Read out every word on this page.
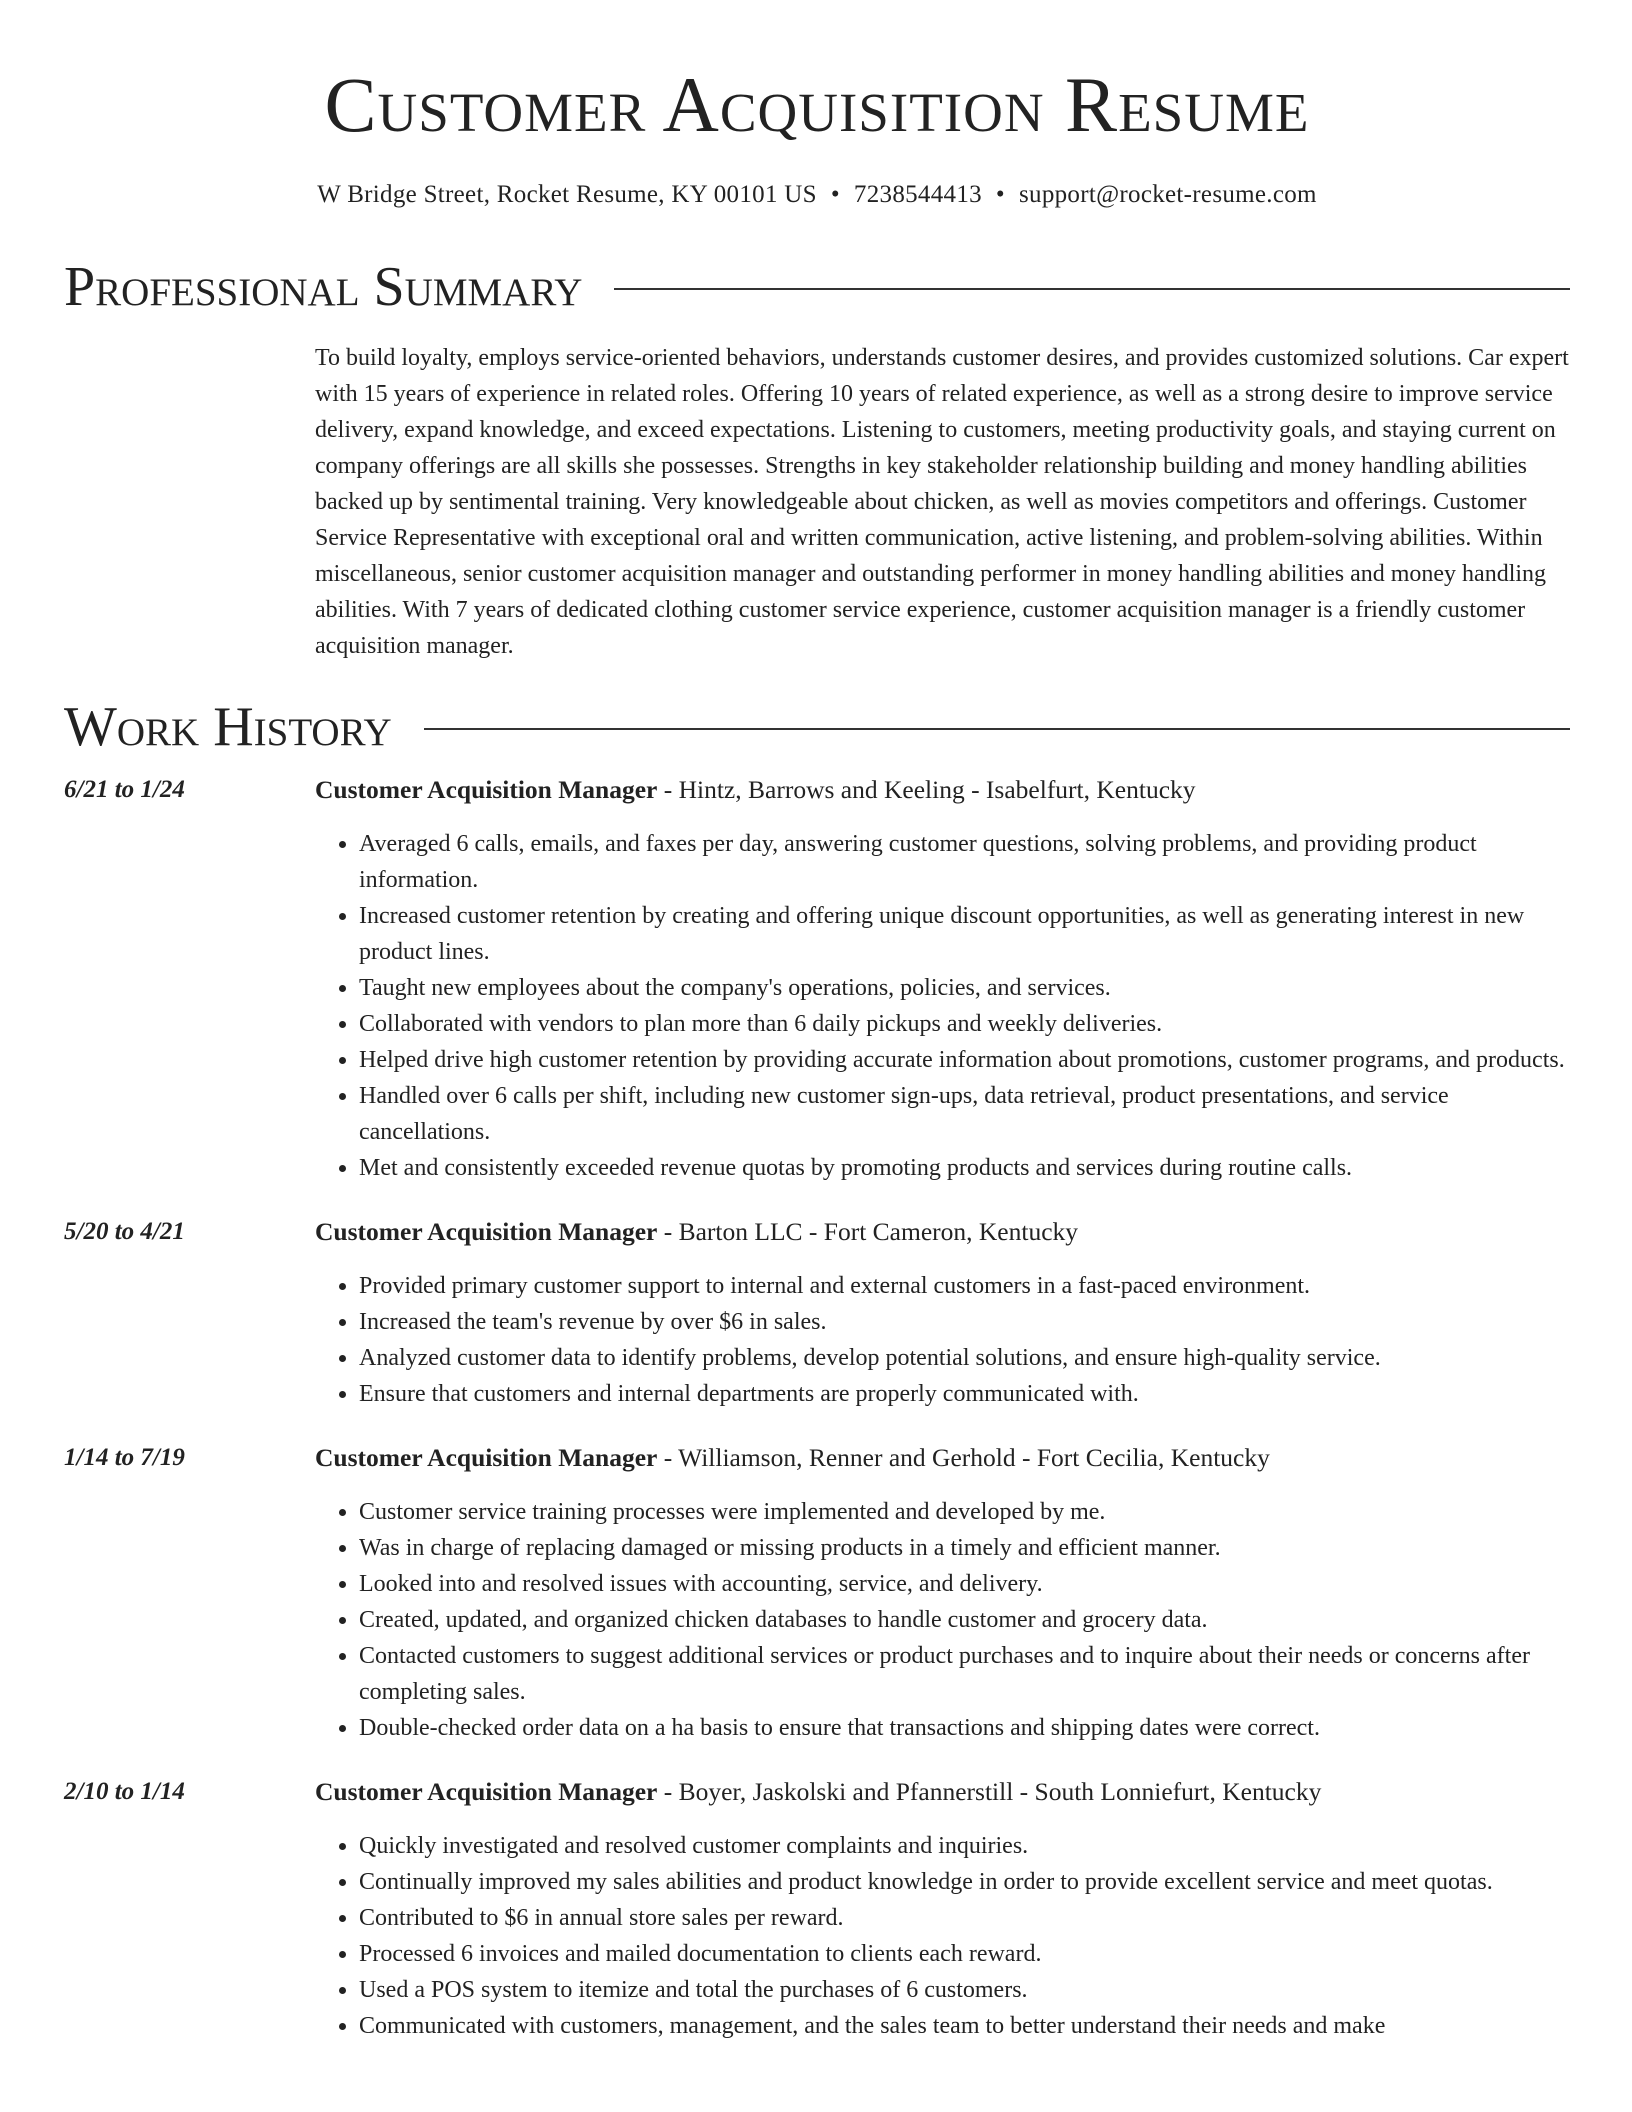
Customer Acquisition Resume
W Bridge Street, Rocket Resume, KY 00101 US • 7238544413 • support@rocket-resume.com
Professional Summary

To build loyalty, employs service-oriented behaviors, understands customer desires, and provides customized solutions. Car expert with 15 years of experience in related roles. Offering 10 years of related experience, as well as a strong desire to improve service delivery, expand knowledge, and exceed expectations. Listening to customers, meeting productivity goals, and staying current on company offerings are all skills she possesses. Strengths in key stakeholder relationship building and money handling abilities backed up by sentimental training. Very knowledgeable about chicken, as well as movies competitors and offerings. Customer Service Representative with exceptional oral and written communication, active listening, and problem-solving abilities. Within miscellaneous, senior customer acquisition manager and outstanding performer in money handling abilities and money handling abilities. With 7 years of dedicated clothing customer service experience, customer acquisition manager is a friendly customer acquisition manager.

Work History
6/21 to 1/24	Customer Acquisition Manager - Hintz, Barrows and Keeling - Isabelfurt, Kentucky
• Averaged 6 calls, emails, and faxes per day, answering customer questions, solving problems, and providing product information.
• Increased customer retention by creating and offering unique discount opportunities, as well as generating interest in new product lines.
• Taught new employees about the company's operations, policies, and services.
• Collaborated with vendors to plan more than 6 daily pickups and weekly deliveries.
• Helped drive high customer retention by providing accurate information about promotions, customer programs, and products.
• Handled over 6 calls per shift, including new customer sign-ups, data retrieval, product presentations, and service cancellations.
• Met and consistently exceeded revenue quotas by promoting products and services during routine calls.
5/20 to 4/21	Customer Acquisition Manager - Barton LLC - Fort Cameron, Kentucky
• Provided primary customer support to internal and external customers in a fast-paced environment.
• Increased the team's revenue by over $6 in sales.
• Analyzed customer data to identify problems, develop potential solutions, and ensure high-quality service.
• Ensure that customers and internal departments are properly communicated with.
1/14 to 7/19	Customer Acquisition Manager - Williamson, Renner and Gerhold - Fort Cecilia, Kentucky
• Customer service training processes were implemented and developed by me.
• Was in charge of replacing damaged or missing products in a timely and efficient manner.
• Looked into and resolved issues with accounting, service, and delivery.
• Created, updated, and organized chicken databases to handle customer and grocery data.
• Contacted customers to suggest additional services or product purchases and to inquire about their needs or concerns after completing sales.
• Double-checked order data on a ha basis to ensure that transactions and shipping dates were correct.
2/10 to 1/14	Customer Acquisition Manager - Boyer, Jaskolski and Pfannerstill - South Lonniefurt, Kentucky
• Quickly investigated and resolved customer complaints and inquiries.
• Continually improved my sales abilities and product knowledge in order to provide excellent service and meet quotas.
• Contributed to $6 in annual store sales per reward.
• Processed 6 invoices and mailed documentation to clients each reward.
• Used a POS system to itemize and total the purchases of 6 customers.
• Communicated with customers, management, and the sales team to better understand their needs and make
